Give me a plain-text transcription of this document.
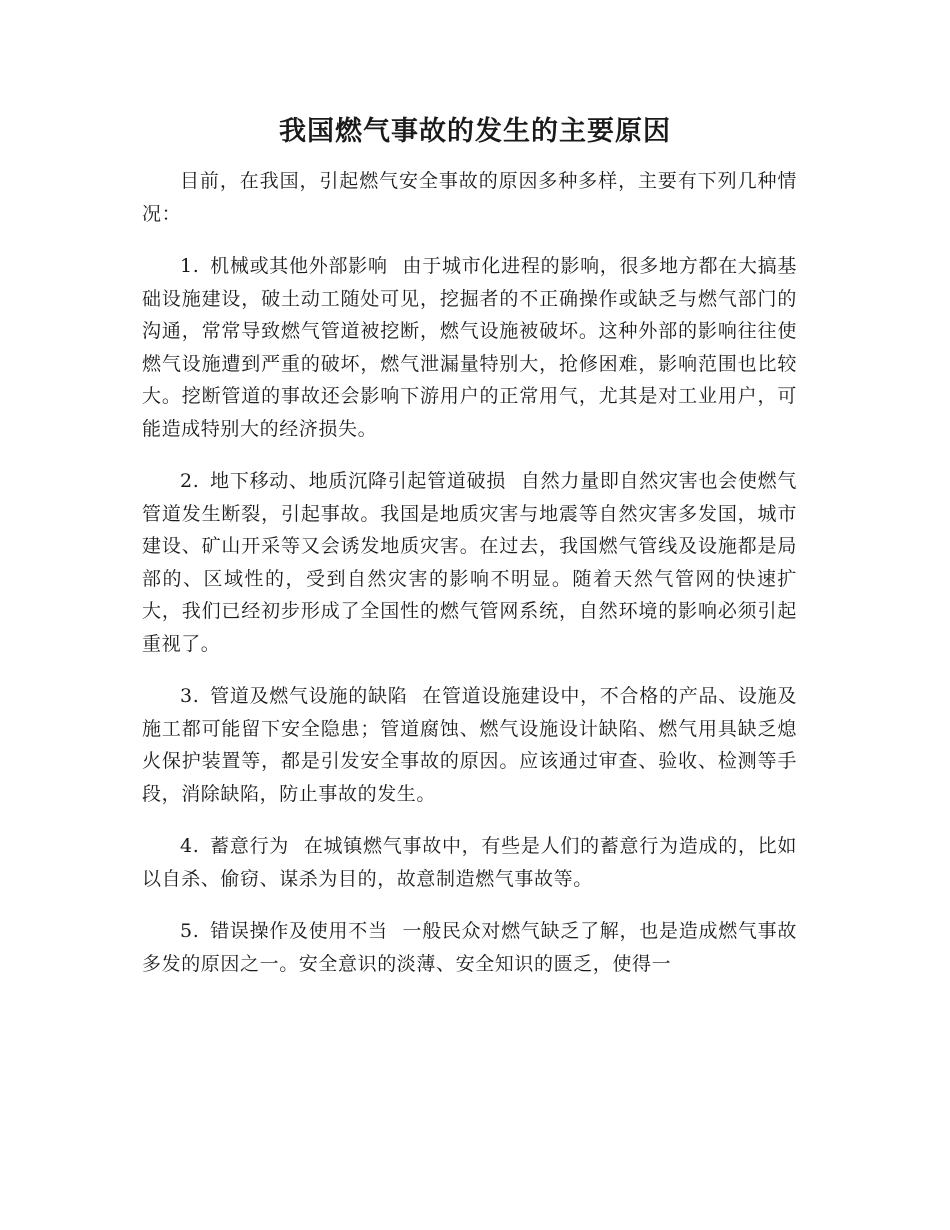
我国燃气事故的发生的主要原因

目前，在我国，引起燃气安全事故的原因多种多样，主要有下列几种情况：

1. 机械或其他外部影响 由于城市化进程的影响，很多地方都在大搞基础设施建设，破土动工随处可见，挖掘者的不正确操作或缺乏与燃气部门的沟通，常常导致燃气管道被挖断，燃气设施被破坏。这种外部的影响往往使燃气设施遭到严重的破坏，燃气泄漏量特别大，抢修困难，影响范围也比较大。挖断管道的事故还会影响下游用户的正常用气，尤其是对工业用户，可能造成特别大的经济损失。

2. 地下移动、地质沉降引起管道破损 自然力量即自然灾害也会使燃气管道发生断裂，引起事故。我国是地质灾害与地震等自然灾害多发国，城市建设、矿山开采等又会诱发地质灾害。在过去，我国燃气管线及设施都是局部的、区域性的，受到自然灾害的影响不明显。随着天然气管网的快速扩大，我们已经初步形成了全国性的燃气管网系统，自然环境的影响必须引起重视了。

3. 管道及燃气设施的缺陷 在管道设施建设中，不合格的产品、设施及施工都可能留下安全隐患；管道腐蚀、燃气设施设计缺陷、燃气用具缺乏熄火保护装置等，都是引发安全事故的原因。应该通过审查、验收、检测等手段，消除缺陷，防止事故的发生。

4. 蓄意行为 在城镇燃气事故中，有些是人们的蓄意行为造成的，比如以自杀、偷窃、谋杀为目的，故意制造燃气事故等。

5. 错误操作及使用不当 一般民众对燃气缺乏了解，也是造成燃气事故多发的原因之一。安全意识的淡薄、安全知识的匮乏，使得一
